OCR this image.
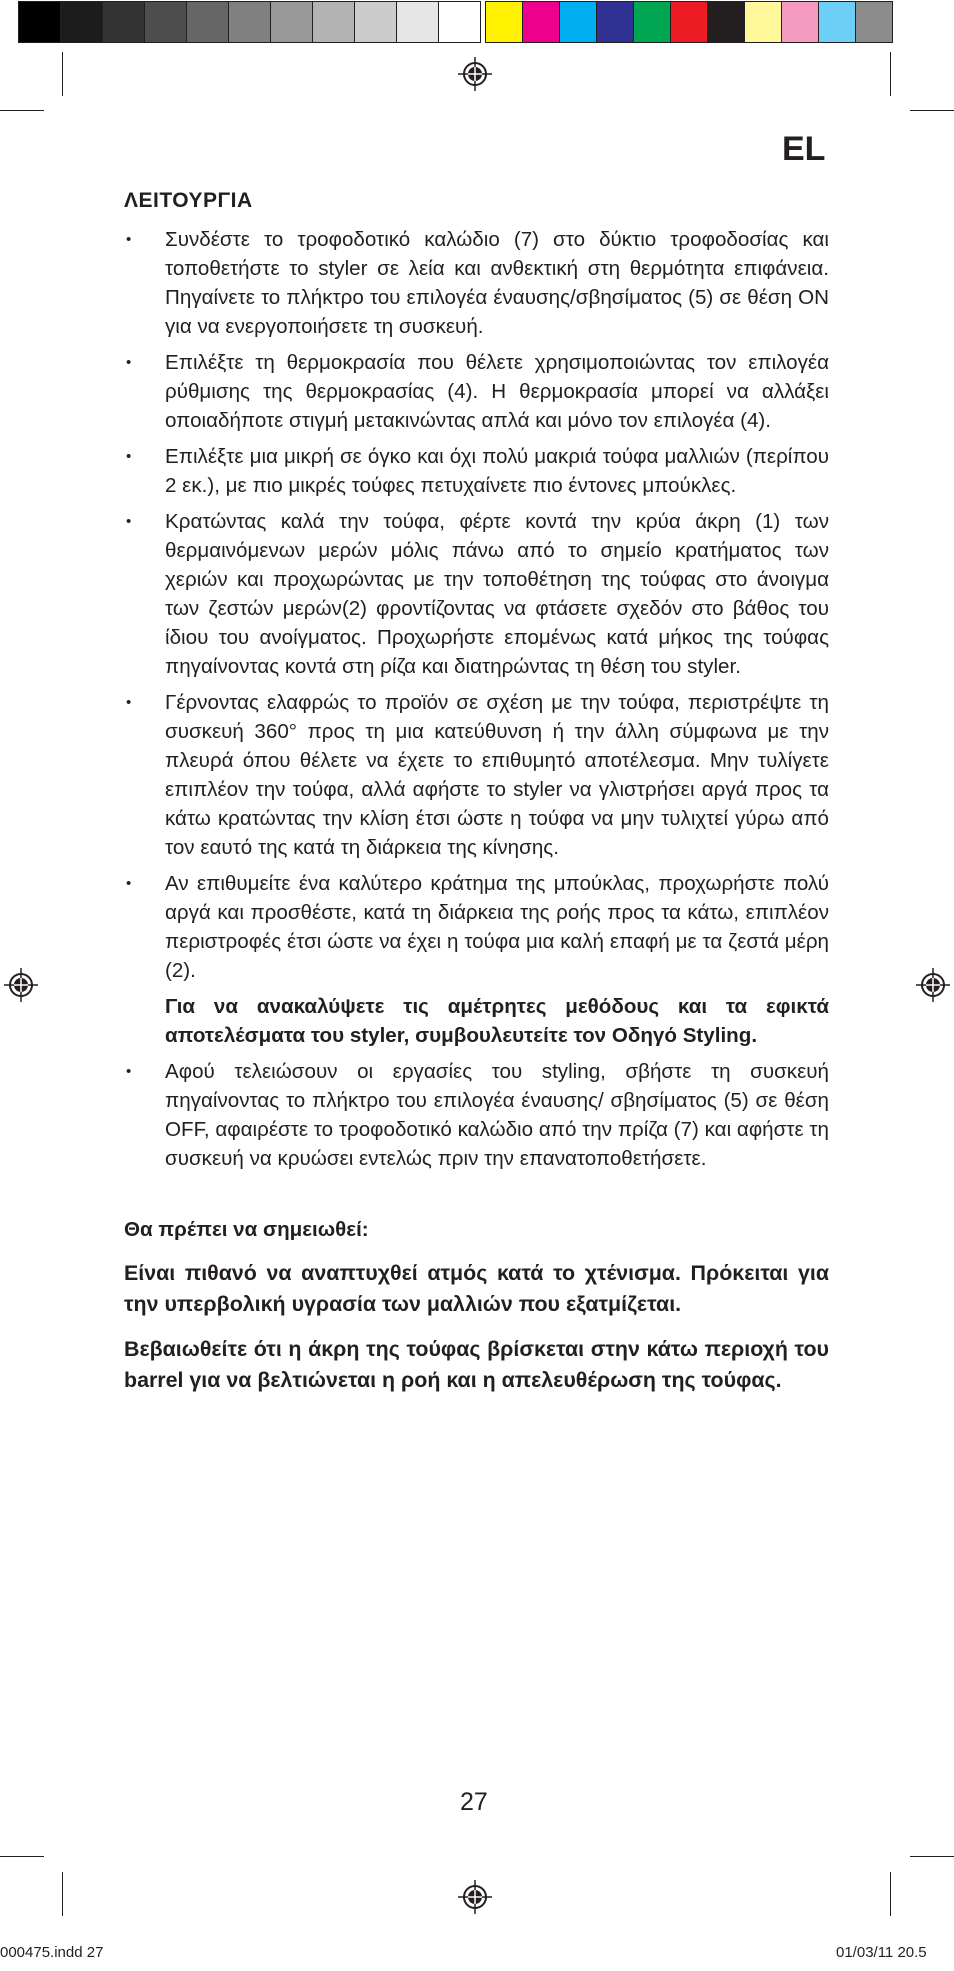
EL
ΛΕΙΤΟΥΡΓΙΑ
• Συνδέστε το τροφοδοτικό καλώδιο (7) στο δύκτιο τροφοδοσίας και τοποθετήστε το styler σε λεία και ανθεκτική στη θερμότητα επιφάνεια. Πηγαίνετε το πλήκτρο του επιλογέα έναυσης/σβησίματος (5) σε θέση ON για να ενεργοποιήσετε τη συσκευή.
• Επιλέξτε τη θερμοκρασία που θέλετε χρησιμοποιώντας τον επιλογέα ρύθμισης της θερμοκρασίας (4). Η θερμοκρασία μπορεί να αλλάξει οποιαδήποτε στιγμή μετακινώντας απλά και μόνο τον επιλογέα (4).
• Επιλέξτε μια μικρή σε όγκο και όχι πολύ μακριά τούφα μαλλιών (περίπου 2 εκ.), με πιο μικρές τούφες πετυχαίνετε πιο έντονες μπούκλες.
• Κρατώντας καλά την τούφα, φέρτε κοντά την κρύα άκρη (1) των θερμαινόμενων μερών μόλις πάνω από το σημείο κρατήματος των χεριών και προχωρώντας με την τοποθέτηση της τούφας στο άνοιγμα των ζεστών μερών(2) φροντίζοντας να φτάσετε σχεδόν στο βάθος του ίδιου του ανοίγματος. Προχωρήστε επομένως κατά μήκος της τούφας πηγαίνοντας κοντά στη ρίζα και διατηρώντας τη θέση του styler.
• Γέρνοντας ελαφρώς το προϊόν σε σχέση με την τούφα, περιστρέψτε τη συσκευή 360° προς τη μια κατεύθυνση ή την άλλη σύμφωνα με την πλευρά όπου θέλετε να έχετε το επιθυμητό αποτέλεσμα. Μην τυλίγετε επιπλέον την τούφα, αλλά αφήστε το styler να γλιστρήσει αργά προς τα κάτω κρατώντας την κλίση έτσι ώστε η τούφα να μην τυλιχτεί γύρω από τον εαυτό της κατά τη διάρκεια της κίνησης.
• Αν επιθυμείτε ένα καλύτερο κράτημα της μπούκλας, προχωρήστε πολύ αργά και προσθέστε, κατά τη διάρκεια της ροής προς τα κάτω, επιπλέον περιστροφές έτσι ώστε να έχει η τούφα μια καλή επαφή με τα ζεστά μέρη (2).

Για να ανακαλύψετε τις αμέτρητες μεθόδους και τα εφικτά αποτελέσματα του styler, συμβουλευτείτε τον Οδηγό Styling.

• Αφού τελειώσουν οι εργασίες του styling, σβήστε τη συσκευή πηγαίνοντας το πλήκτρο του επιλογέα έναυσης/ σβησίματος (5) σε θέση OFF, αφαιρέστε το τροφοδοτικό καλώδιο από την πρίζα (7) και αφήστε τη συσκευή να κρυώσει εντελώς πριν την επανατοποθετήσετε.
Θα πρέπει να σημειωθεί:

Είναι πιθανό να αναπτυχθεί ατμός κατά το χτένισμα. Πρόκειται για την υπερβολική υγρασία των μαλλιών που εξατμίζεται.

Βεβαιωθείτε ότι η άκρη της τούφας βρίσκεται στην κάτω περιοχή του barrel για να βελτιώνεται η ροή και η απελευθέρωση της τούφας.

27
000475.indd 27	01/03/11 20.5
